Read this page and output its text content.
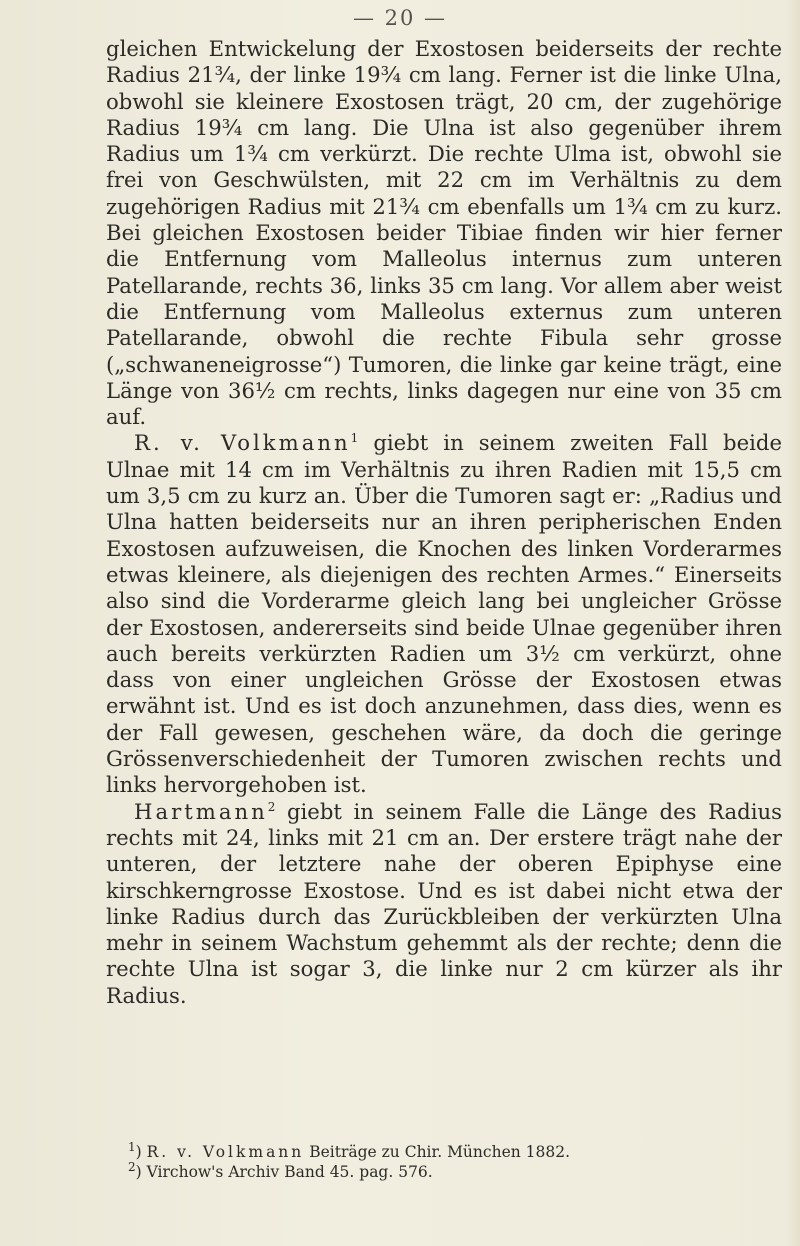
— 20 —

gleichen Entwickelung der Exostosen beiderseits der rechte Radius 21¾, der linke 19¾ cm lang. Ferner ist die linke Ulna, obwohl sie kleinere Exostosen trägt, 20 cm, der zugehörige Radius 19¾ cm lang. Die Ulna ist also gegenüber ihrem Radius um 1¾ cm verkürzt. Die rechte Ulma ist, obwohl sie frei von Geschwülsten, mit 22 cm im Verhältnis zu dem zugehörigen Radius mit 21¾ cm ebenfalls um 1¾ cm zu kurz. Bei gleichen Exostosen beider Tibiae finden wir hier ferner die Entfernung vom Malleolus internus zum unteren Patellarande, rechts 36, links 35 cm lang. Vor allem aber weist die Entfernung vom Malleolus externus zum unteren Patellarande, obwohl die rechte Fibula sehr grosse („schwaneneigrosse“) Tumoren, die linke gar keine trägt, eine Länge von 36½ cm rechts, links dagegen nur eine von 35 cm auf.

R. v. Volkmann$^1$ giebt in seinem zweiten Fall beide Ulnae mit 14 cm im Verhältnis zu ihren Radien mit 15,5 cm um 3,5 cm zu kurz an. Über die Tumoren sagt er: „Radius und Ulna hatten beiderseits nur an ihren peripherischen Enden Exostosen aufzuweisen, die Knochen des linken Vorderarmes etwas kleinere, als diejenigen des rechten Armes.“ Einerseits also sind die Vorderarme gleich lang bei ungleicher Grösse der Exostosen, andererseits sind beide Ulnae gegenüber ihren auch bereits verkürzten Radien um 3½ cm verkürzt, ohne dass von einer ungleichen Grösse der Exostosen etwas erwähnt ist. Und es ist doch anzunehmen, dass dies, wenn es der Fall gewesen, geschehen wäre, da doch die geringe Grössenverschiedenheit der Tumoren zwischen rechts und links hervorgehoben ist.

Hartmann$^2$ giebt in seinem Falle die Länge des Radius rechts mit 24, links mit 21 cm an. Der erstere trägt nahe der unteren, der letztere nahe der oberen Epiphyse eine kirschkerngrosse Exostose. Und es ist dabei nicht etwa der linke Radius durch das Zurückbleiben der verkürzten Ulna mehr in seinem Wachstum gehemmt als der rechte; denn die rechte Ulna ist sogar 3, die linke nur 2 cm kürzer als ihr Radius.

$^1$) R. v. Volkmann Beiträge zu Chir. München 1882.
$^2$) Virchow's Archiv Band 45. pag. 576.
